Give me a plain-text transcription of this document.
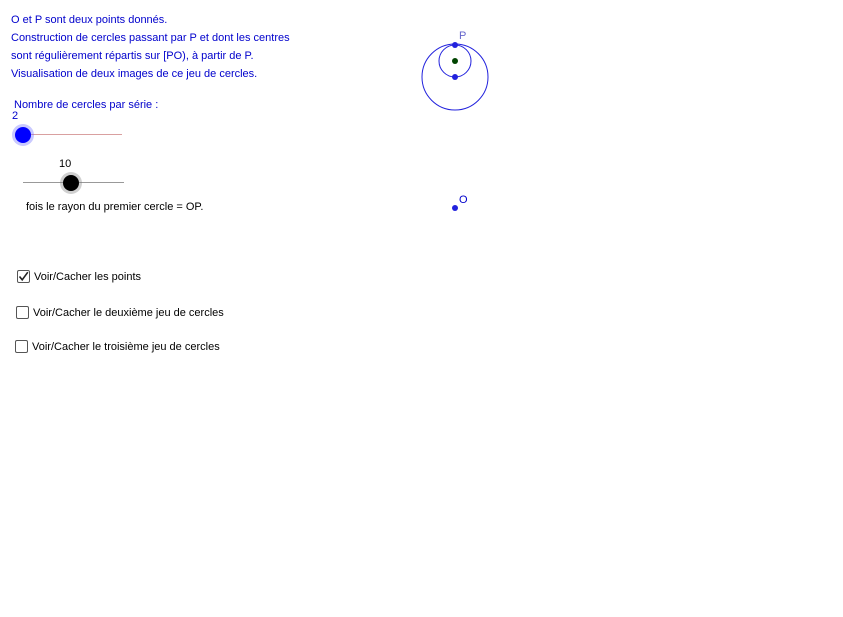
O et P sont deux points donnés.
Construction de cercles passant par P et dont les centres
sont régulièrement répartis sur [PO), à partir de P.
Visualisation de deux images de ce jeu de cercles.
Nombre de cercles par série :
2
10
fois le rayon du premier cercle = OP.
Voir/Cacher les points
Voir/Cacher le deuxième jeu de cercles
Voir/Cacher le troisième jeu de cercles
P
O
